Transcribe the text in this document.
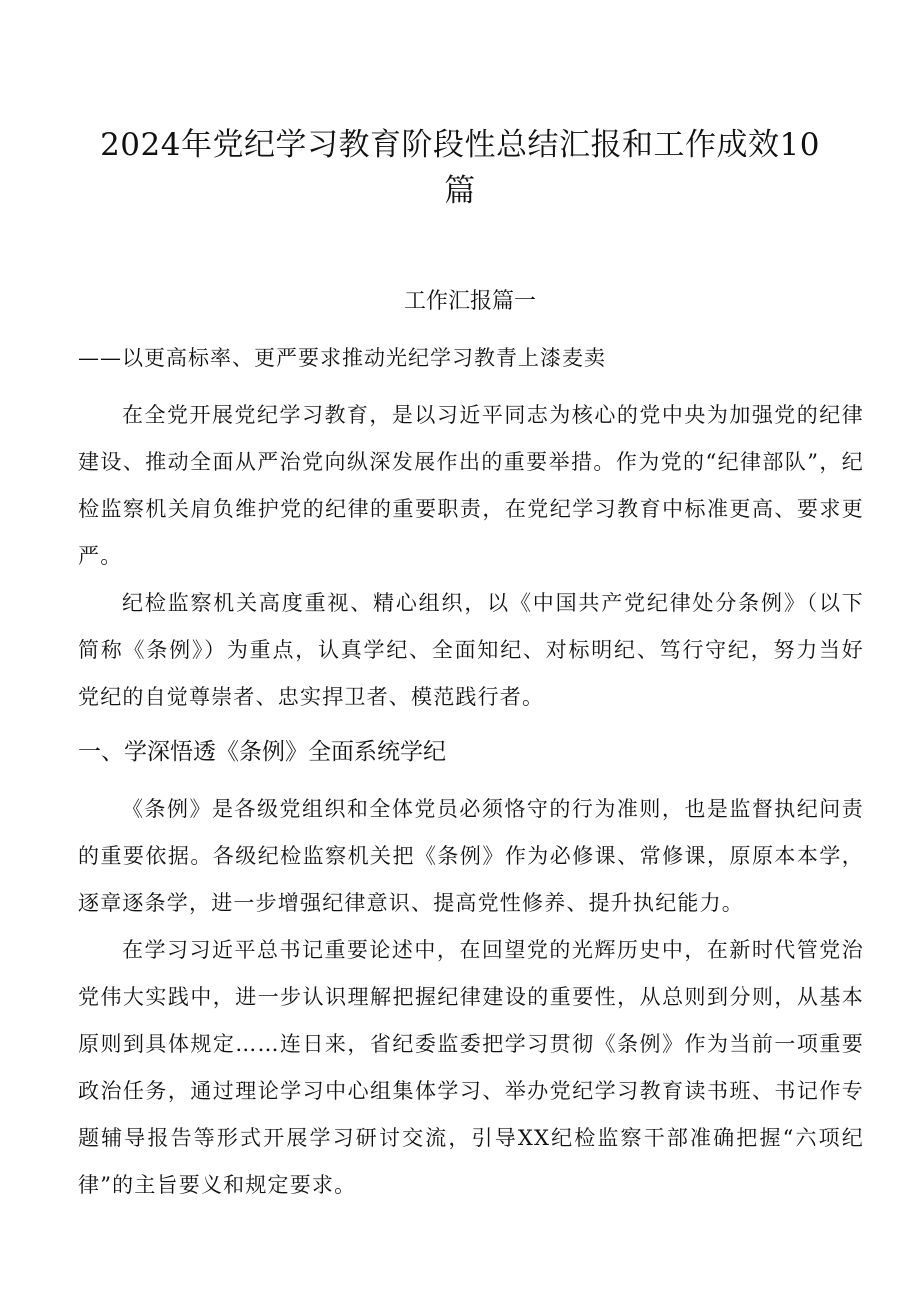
2024年党纪学习教育阶段性总结汇报和工作成效10篇
工作汇报篇一
——以更高标率、更严要求推动光纪学习教青上漆麦卖

在全党开展党纪学习教育，是以习近平同志为核心的党中央为加强党的纪律建设、推动全面从严治党向纵深发展作出的重要举措。作为党的“纪律部队”，纪检监察机关肩负维护党的纪律的重要职责，在党纪学习教育中标准更高、要求更严。

纪检监察机关高度重视、精心组织，以《中国共产党纪律处分条例》（以下简称《条例》）为重点，认真学纪、全面知纪、对标明纪、笃行守纪，努力当好党纪的自觉尊崇者、忠实捍卫者、模范践行者。

一、学深悟透《条例》全面系统学纪

《条例》是各级党组织和全体党员必须恪守的行为准则，也是监督执纪问责的重要依据。各级纪检监察机关把《条例》作为必修课、常修课，原原本本学，逐章逐条学，进一步增强纪律意识、提高党性修养、提升执纪能力。

在学习习近平总书记重要论述中，在回望党的光辉历史中，在新时代管党治党伟大实践中，进一步认识理解把握纪律建设的重要性，从总则到分则，从基本原则到具体规定……连日来，省纪委监委把学习贯彻《条例》作为当前一项重要政治任务，通过理论学习中心组集体学习、举办党纪学习教育读书班、书记作专题辅导报告等形式开展学习研讨交流，引导XX纪检监察干部准确把握“六项纪律”的主旨要义和规定要求。
